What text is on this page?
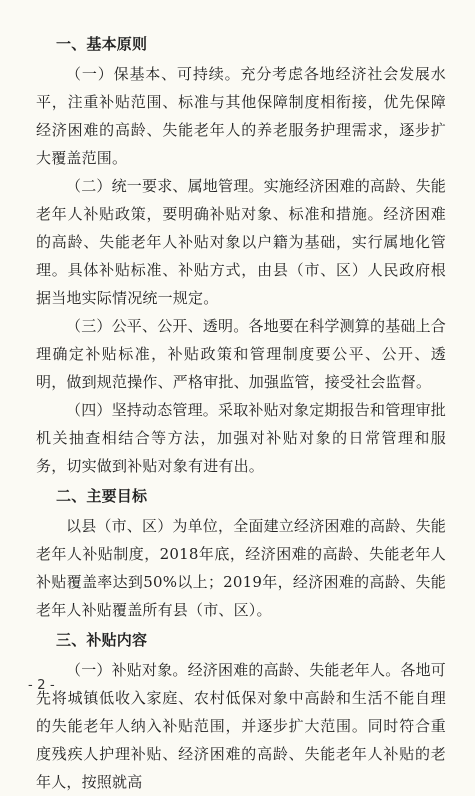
一、基本原则

（一）保基本、可持续。充分考虑各地经济社会发展水平，注重补贴范围、标准与其他保障制度相衔接，优先保障经济困难的高龄、失能老年人的养老服务护理需求，逐步扩大覆盖范围。

（二）统一要求、属地管理。实施经济困难的高龄、失能老年人补贴政策，要明确补贴对象、标准和措施。经济困难的高龄、失能老年人补贴对象以户籍为基础，实行属地化管理。具体补贴标准、补贴方式，由县（市、区）人民政府根据当地实际情况统一规定。

（三）公平、公开、透明。各地要在科学测算的基础上合理确定补贴标准，补贴政策和管理制度要公平、公开、透明，做到规范操作、严格审批、加强监管，接受社会监督。

（四）坚持动态管理。采取补贴对象定期报告和管理审批机关抽查相结合等方法，加强对补贴对象的日常管理和服务，切实做到补贴对象有进有出。

二、主要目标

以县（市、区）为单位，全面建立经济困难的高龄、失能老年人补贴制度，2018年底，经济困难的高龄、失能老年人补贴覆盖率达到50%以上；2019年，经济困难的高龄、失能老年人补贴覆盖所有县（市、区）。

三、补贴内容

（一）补贴对象。经济困难的高龄、失能老年人。各地可先将城镇低收入家庭、农村低保对象中高龄和生活不能自理的失能老年人纳入补贴范围，并逐步扩大范围。同时符合重度残疾人护理补贴、经济困难的高龄、失能老年人补贴的老年人，按照就高

- 2 -
